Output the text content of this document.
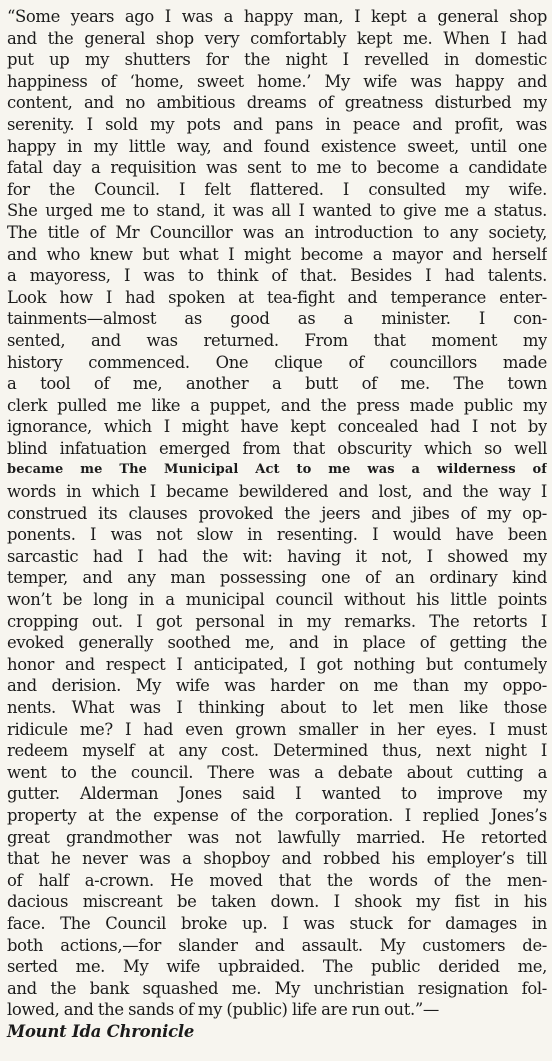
“Some years ago I was a happy man, I kept a general shop
and the general shop very comfortably kept me. When I had
put up my shutters for the night I revelled in domestic
happiness of ‘home, sweet home.’ My wife was happy and
content, and no ambitious dreams of greatness disturbed my
serenity. I sold my pots and pans in peace and profit, was
happy in my little way, and found existence sweet, until one
fatal day a requisition was sent to me to become a candidate
for the Council. I felt flattered. I consulted my wife.
She urged me to stand, it was all I wanted to give me a status.
The title of Mr Councillor was an introduction to any society,
and who knew but what I might become a mayor and herself
a mayoress, I was to think of that. Besides I had talents.
Look how I had spoken at tea-fight and temperance enter-
tainments—almost as good as a minister. I con-
sented, and was returned. From that moment my
history commenced. One clique of councillors made
a tool of me, another a butt of me. The town
clerk pulled me like a puppet, and the press made public my
ignorance, which I might have kept concealed had I not by
blind infatuation emerged from that obscurity which so well
became me The Municipal Act to me was a wilderness of
words in which I became bewildered and lost, and the way I
construed its clauses provoked the jeers and jibes of my op-
ponents. I was not slow in resenting. I would have been
sarcastic had I had the wit: having it not, I showed my
temper, and any man possessing one of an ordinary kind
won’t be long in a municipal council without his little points
cropping out. I got personal in my remarks. The retorts I
evoked generally soothed me, and in place of getting the
honor and respect I anticipated, I got nothing but contumely
and derision. My wife was harder on me than my oppo-
nents. What was I thinking about to let men like those
ridicule me? I had even grown smaller in her eyes. I must
redeem myself at any cost. Determined thus, next night I
went to the council. There was a debate about cutting a
gutter. Alderman Jones said I wanted to improve my
property at the expense of the corporation. I replied Jones’s
great grandmother was not lawfully married. He retorted
that he never was a shopboy and robbed his employer’s till
of half a-crown. He moved that the words of the men-
dacious miscreant be taken down. I shook my fist in his
face. The Council broke up. I was stuck for damages in
both actions,—for slander and assault. My customers de-
serted me. My wife upbraided. The public derided me,
and the bank squashed me. My unchristian resignation fol-
lowed, and the sands of my (public) life are run out.”—
Mount Ida Chronicle
